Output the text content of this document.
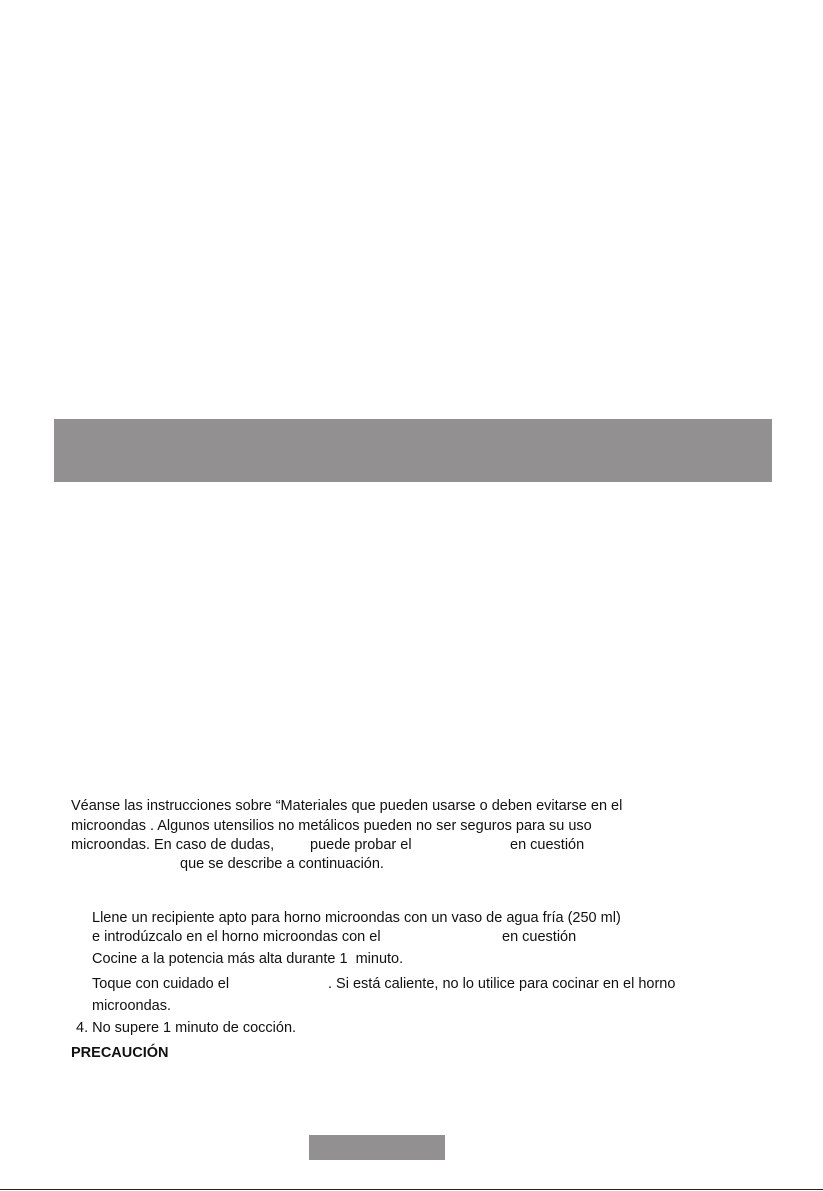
Véanse las instrucciones sobre “Materiales que pueden usarse o deben evitarse en el

microondas . Algunos utensilios no metálicos pueden no ser seguros para su uso

microondas. En caso de dudas, puede probar el	en cuestión

que se describe a continuación.

Llene un recipiente apto para horno microondas con un vaso de agua fría (250 ml)

e introdúzcalo en el horno microondas con el	en cuestión

Cocine a la potencia más alta durante 1  minuto.

Toque con cuidado el	. Si está caliente, no lo utilice para cocinar en el horno

microondas.

4. No supere 1 minuto de cocción.

PRECAUCIÓN
